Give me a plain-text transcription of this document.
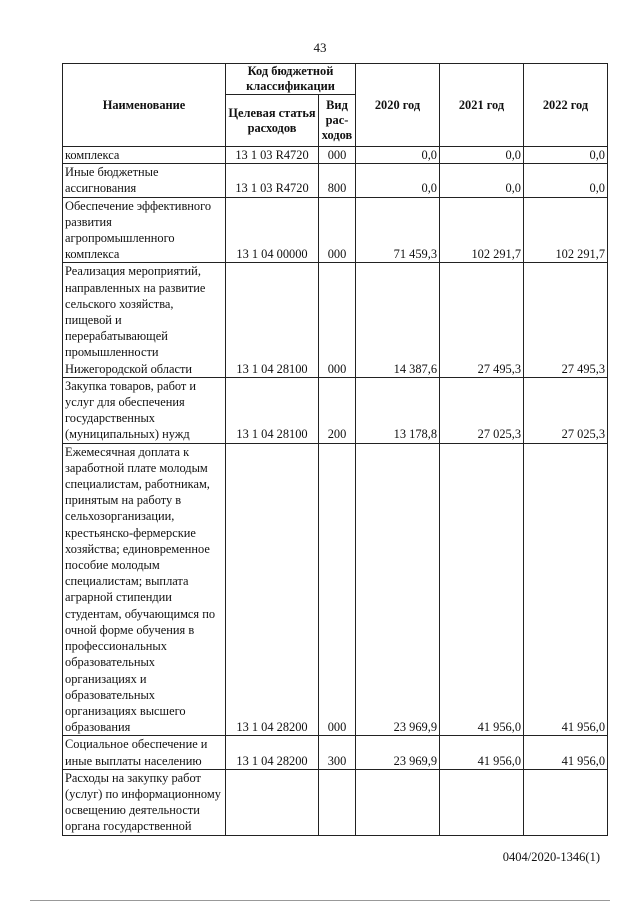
43
Наименование	Код бюджетной классификации		2020 год	2021 год	2022 год
	Целевая статья расходов	Вид рас-ходов			
комплекса	13 1 03 R4720	000	0,0	0,0	0,0
Иные бюджетные ассигнования	13 1 03 R4720	800	0,0	0,0	0,0
Обеспечение эффективного развития агропромышленного комплекса	13 1 04 00000	000	71 459,3	102 291,7	102 291,7
Реализация мероприятий, направленных на развитие сельского хозяйства, пищевой и перерабатывающей промышленности Нижегородской области	13 1 04 28100	000	14 387,6	27 495,3	27 495,3
Закупка товаров, работ и услуг для обеспечения государственных (муниципальных) нужд	13 1 04 28100	200	13 178,8	27 025,3	27 025,3
Ежемесячная доплата к заработной плате молодым специалистам, работникам, принятым на работу в сельхозорганизации, крестьянско-фермерские хозяйства; единовременное пособие молодым специалистам; выплата аграрной стипендии студентам, обучающимся по очной форме обучения в профессиональных образовательных организациях и образовательных организациях высшего образования	13 1 04 28200	000	23 969,9	41 956,0	41 956,0
Социальное обеспечение и иные выплаты населению	13 1 04 28200	300	23 969,9	41 956,0	41 956,0
Расходы на закупку работ (услуг) по информационному освещению деятельности органа государственной					
0404/2020-1346(1)
